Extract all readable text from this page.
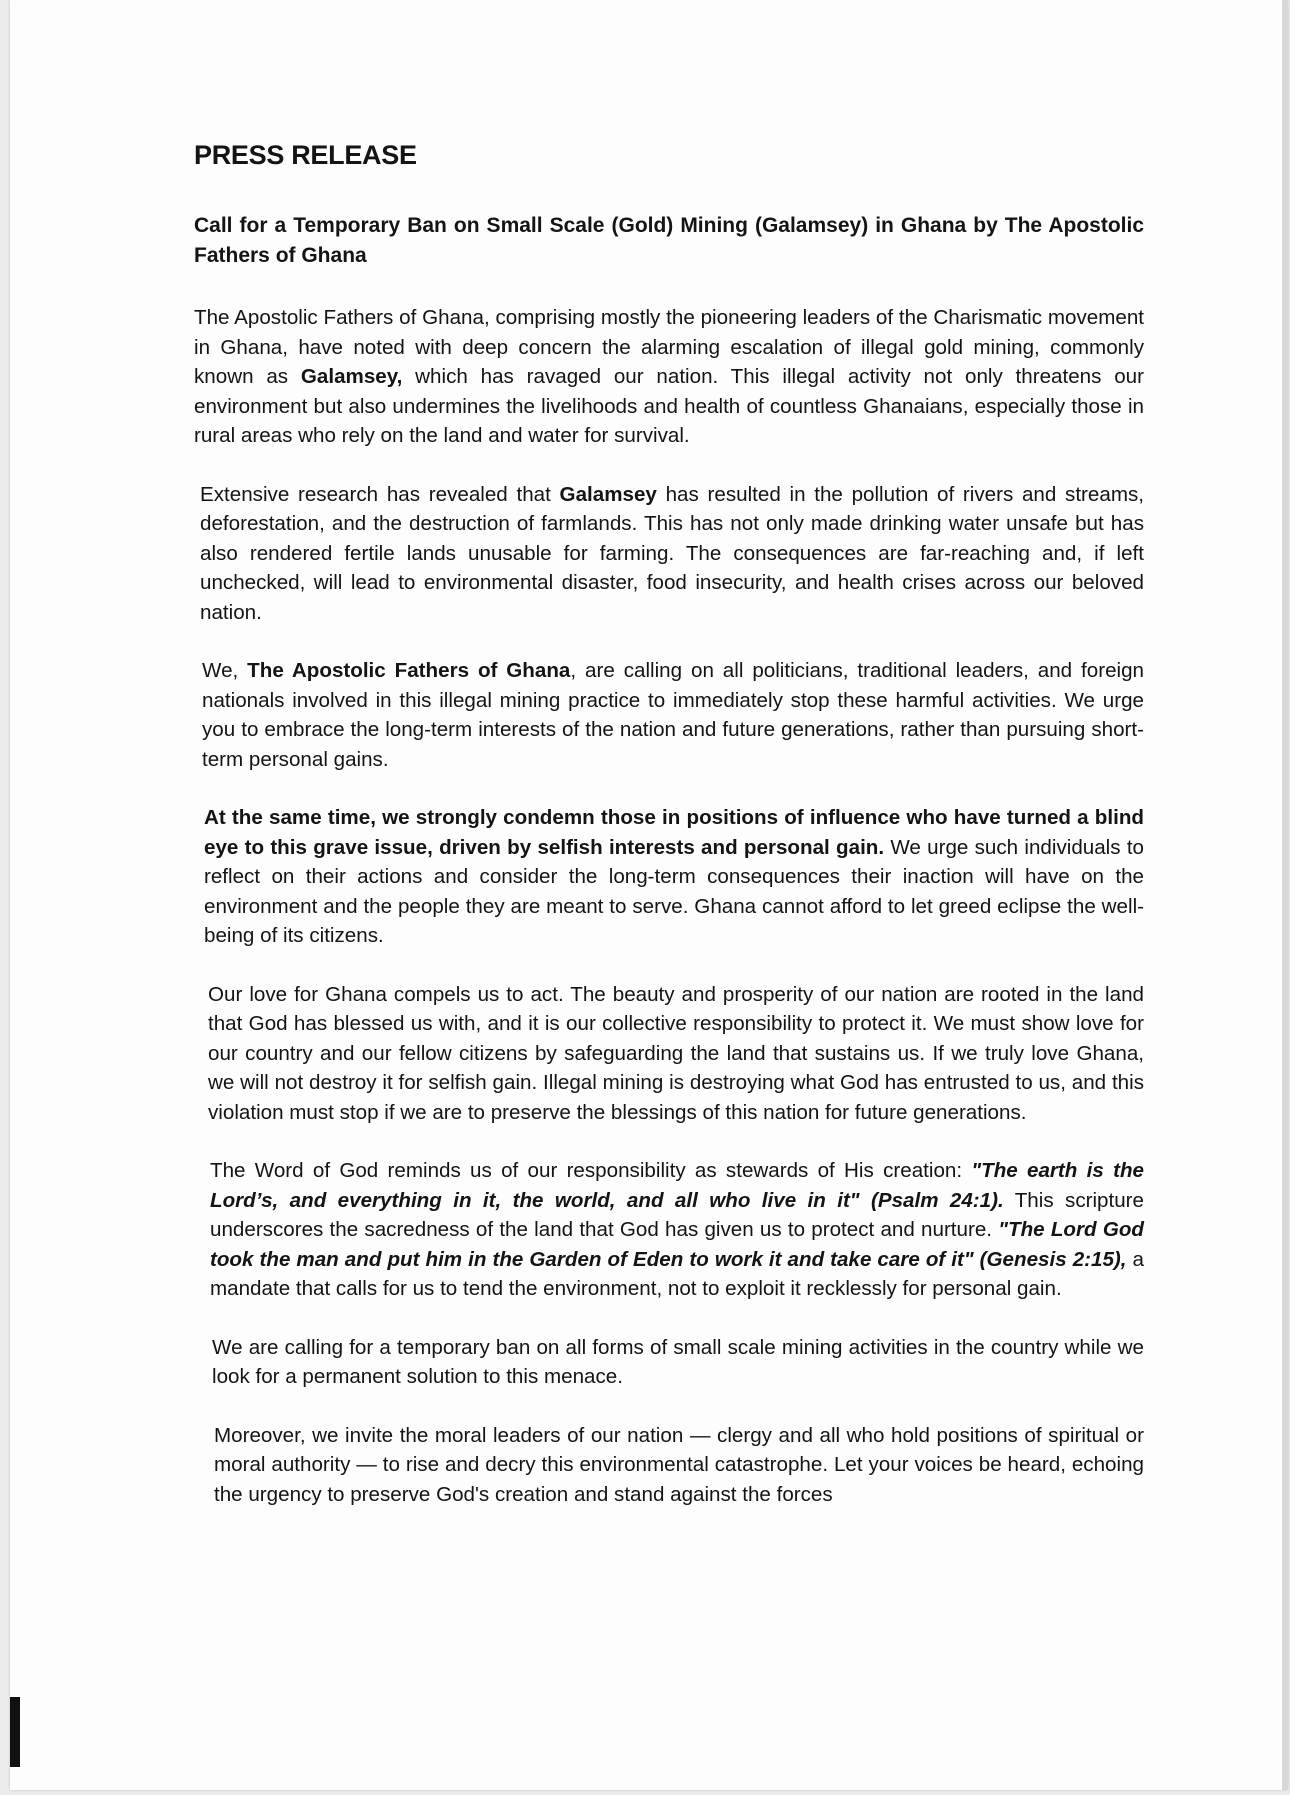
PRESS RELEASE
Call for a Temporary Ban on Small Scale (Gold) Mining (Galamsey) in Ghana by The Apostolic Fathers of Ghana

The Apostolic Fathers of Ghana, comprising mostly the pioneering leaders of the Charismatic movement in Ghana, have noted with deep concern the alarming escalation of illegal gold mining, commonly known as Galamsey, which has ravaged our nation. This illegal activity not only threatens our environment but also undermines the livelihoods and health of countless Ghanaians, especially those in rural areas who rely on the land and water for survival.

Extensive research has revealed that Galamsey has resulted in the pollution of rivers and streams, deforestation, and the destruction of farmlands. This has not only made drinking water unsafe but has also rendered fertile lands unusable for farming. The consequences are far-reaching and, if left unchecked, will lead to environmental disaster, food insecurity, and health crises across our beloved nation.

We, The Apostolic Fathers of Ghana, are calling on all politicians, traditional leaders, and foreign nationals involved in this illegal mining practice to immediately stop these harmful activities. We urge you to embrace the long-term interests of the nation and future generations, rather than pursuing short-term personal gains.

At the same time, we strongly condemn those in positions of influence who have turned a blind eye to this grave issue, driven by selfish interests and personal gain. We urge such individuals to reflect on their actions and consider the long-term consequences their inaction will have on the environment and the people they are meant to serve. Ghana cannot afford to let greed eclipse the well-being of its citizens.

Our love for Ghana compels us to act. The beauty and prosperity of our nation are rooted in the land that God has blessed us with, and it is our collective responsibility to protect it. We must show love for our country and our fellow citizens by safeguarding the land that sustains us. If we truly love Ghana, we will not destroy it for selfish gain. Illegal mining is destroying what God has entrusted to us, and this violation must stop if we are to preserve the blessings of this nation for future generations.

The Word of God reminds us of our responsibility as stewards of His creation: "The earth is the Lord’s, and everything in it, the world, and all who live in it" (Psalm 24:1). This scripture underscores the sacredness of the land that God has given us to protect and nurture. "The Lord God took the man and put him in the Garden of Eden to work it and take care of it" (Genesis 2:15), a mandate that calls for us to tend the environment, not to exploit it recklessly for personal gain.

We are calling for a temporary ban on all forms of small scale mining activities in the country while we look for a permanent solution to this menace.

Moreover, we invite the moral leaders of our nation — clergy and all who hold positions of spiritual or moral authority — to rise and decry this environmental catastrophe. Let your voices be heard, echoing the urgency to preserve God's creation and stand against the forces
